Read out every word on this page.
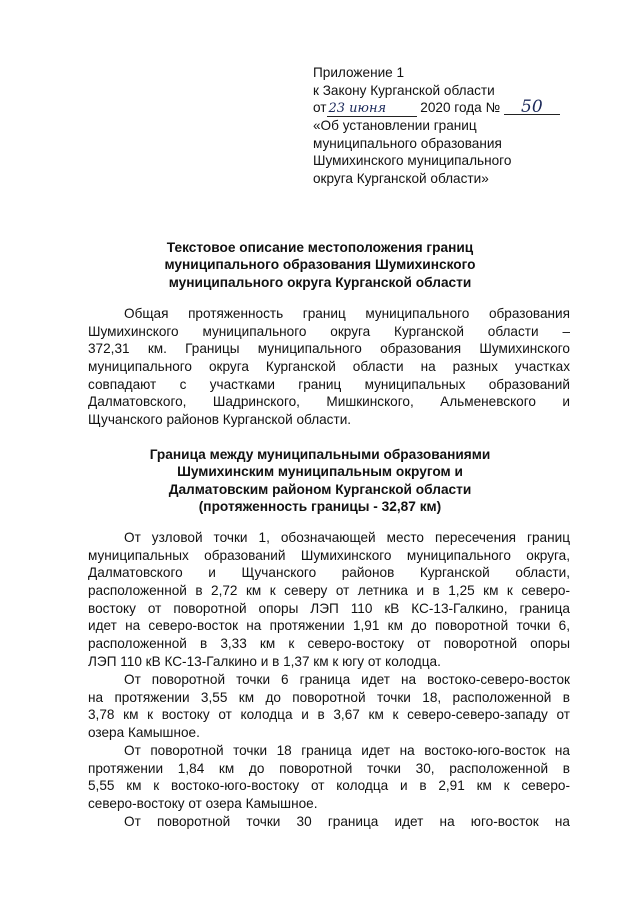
Приложение 1
к Закону Курганской области
от 23 июня	2020 года № 50
«Об установлении границ
муниципального образования
Шумихинского муниципального
округа Курганской области»
Текстовое описание местоположения границ
муниципального образования Шумихинского
муниципального округа Курганской области
Общая протяженность границ муниципального образования
Шумихинского муниципального округа Курганской области –
372,31 км. Границы муниципального образования Шумихинского
муниципального округа Курганской области на разных участках
совпадают с участками границ муниципальных образований
Далматовского, Шадринского, Мишкинского, Альменевского и
Щучанского районов Курганской области.
Граница между муниципальными образованиями
Шумихинским муниципальным округом и
Далматовским районом Курганской области
(протяженность границы - 32,87 км)
От узловой точки 1, обозначающей место пересечения границ
муниципальных образований Шумихинского муниципального округа,
Далматовского и Щучанского районов Курганской области,
расположенной в 2,72 км к северу от летника и в 1,25 км к северо-
востоку от поворотной опоры ЛЭП 110 кВ КС-13-Галкино, граница
идет на северо-восток на протяжении 1,91 км до поворотной точки 6,
расположенной в 3,33 км к северо-востоку от поворотной опоры
ЛЭП 110 кВ КС-13-Галкино и в 1,37 км к югу от колодца.
От поворотной точки 6 граница идет на востоко-северо-восток
на протяжении 3,55 км до поворотной точки 18, расположенной в
3,78 км к востоку от колодца и в 3,67 км к северо-северо-западу от
озера Камышное.
От поворотной точки 18 граница идет на востоко-юго-восток на
протяжении 1,84 км до поворотной точки 30, расположенной в
5,55 км к востоко-юго-востоку от колодца и в 2,91 км к северо-
северо-востоку от озера Камышное.
От поворотной точки 30 граница идет на юго-восток на
